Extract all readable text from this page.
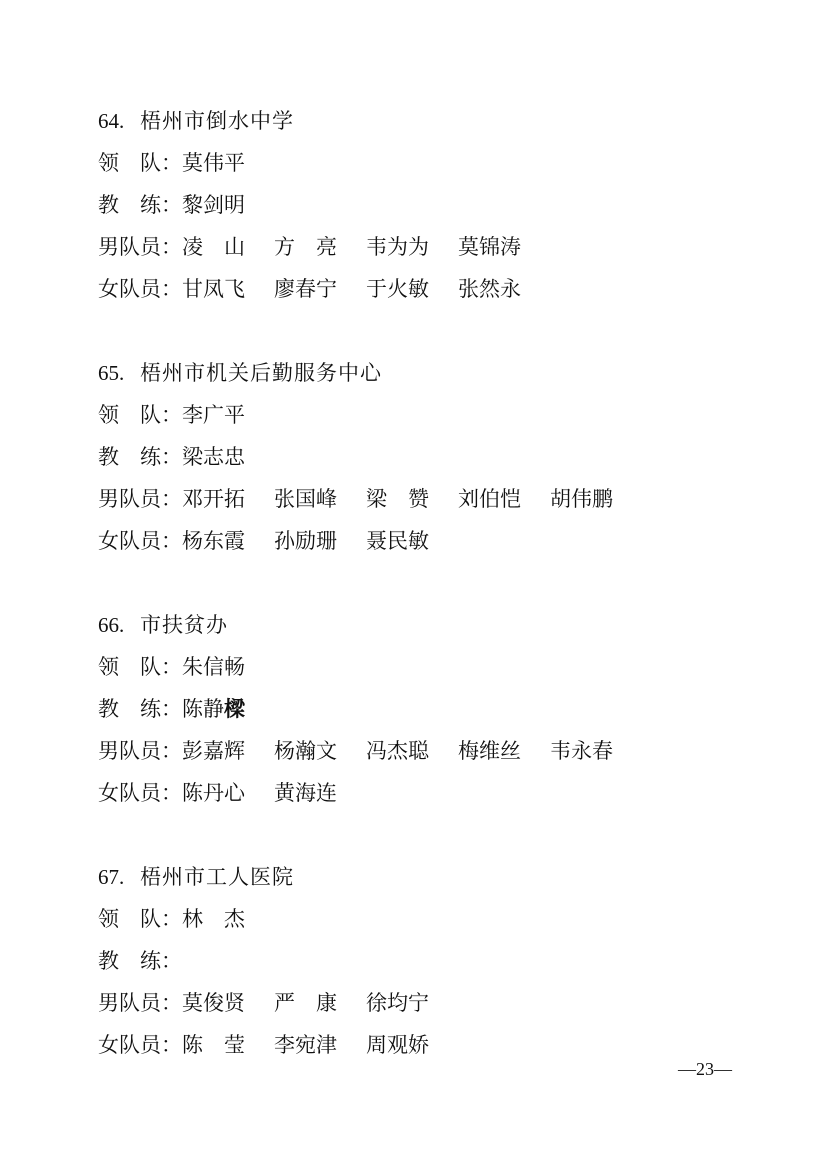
64. 梧州市倒水中学
领　队： 莫伟平
教　练： 黎剑明
男队员： 凌　山 方　亮 韦为为 莫锦涛
女队员： 甘凤飞 廖春宁 于火敏 张然永
65. 梧州市机关后勤服务中心
领　队： 李广平
教　练： 梁志忠
男队员： 邓开拓 张国峰 梁　赞 刘伯恺 胡伟鹏
女队员： 杨东霞 孙励珊 聂民敏
66. 市扶贫办
领　队： 朱信畅
教　练： 陈静 樑
男队员： 彭嘉辉 杨瀚文 冯杰聪 梅维丝 韦永春
女队员： 陈丹心 黄海连
67. 梧州市工人医院
领　队： 林　杰
教　练：
男队员： 莫俊贤 严　康 徐均宁
女队员： 陈　莹 李宛津 周观娇
—23—
